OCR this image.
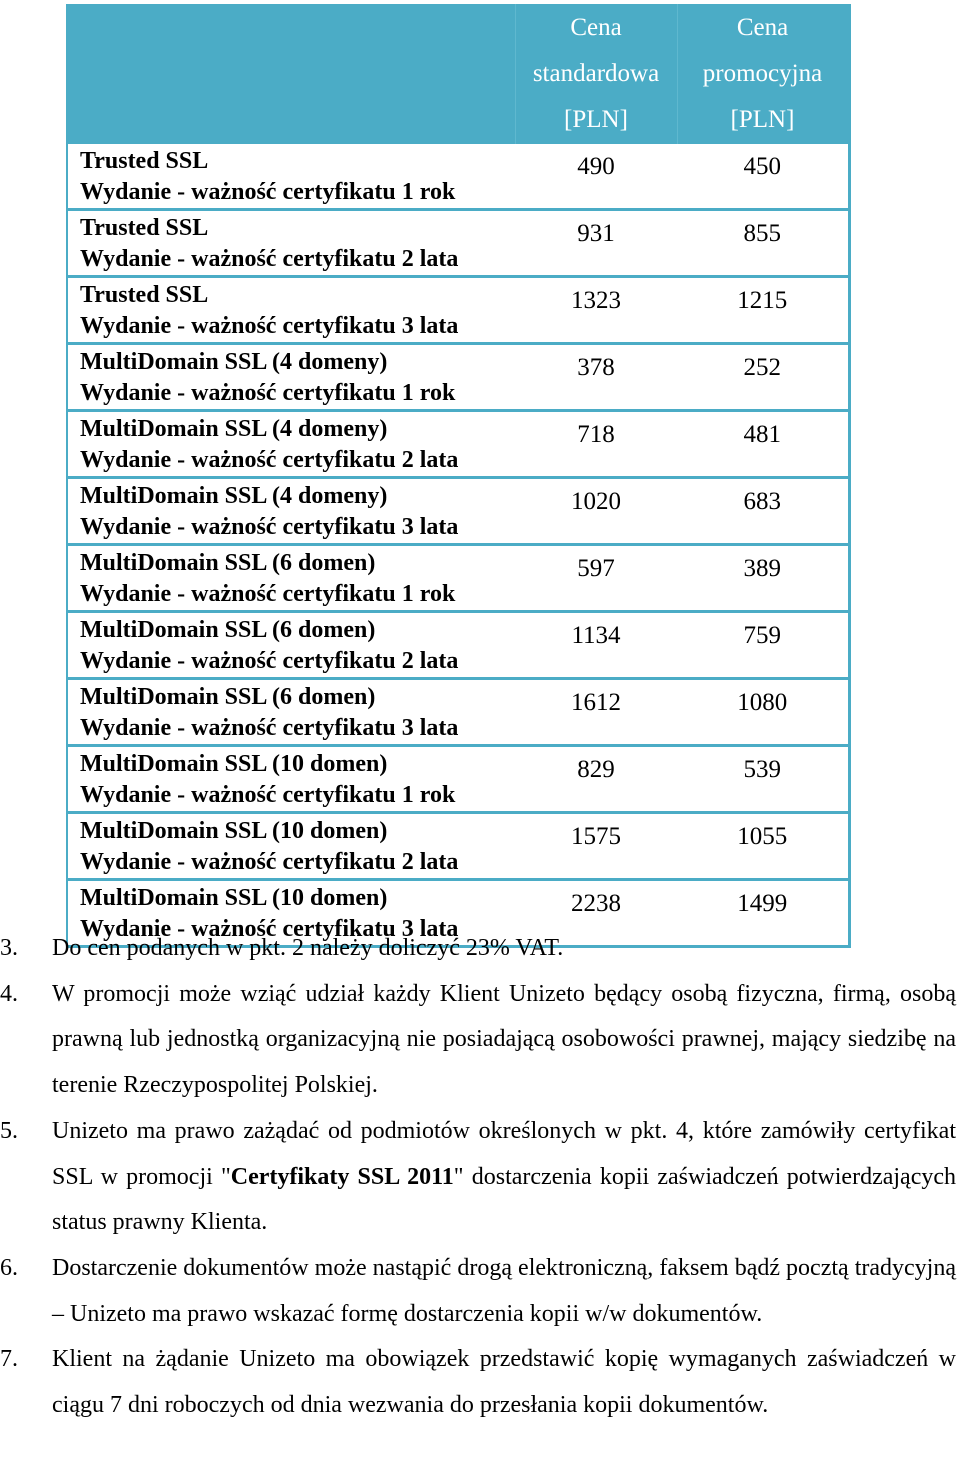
	Cena standardowa [PLN]	Cena promocyjna [PLN]

Trusted SSL
Wydanie - ważność certyfikatu 1 rok	490	450

Trusted SSL
Wydanie - ważność certyfikatu 2 lata	931	855

Trusted SSL
Wydanie - ważność certyfikatu 3 lata	1323	1215

MultiDomain SSL (4 domeny)
Wydanie - ważność certyfikatu 1 rok	378	252

MultiDomain SSL (4 domeny)
Wydanie - ważność certyfikatu 2 lata	718	481

MultiDomain SSL (4 domeny)
Wydanie - ważność certyfikatu 3 lata	1020	683

MultiDomain SSL (6 domen)
Wydanie - ważność certyfikatu 1 rok	597	389

MultiDomain SSL (6 domen)
Wydanie - ważność certyfikatu 2 lata	1134	759

MultiDomain SSL (6 domen)
Wydanie - ważność certyfikatu 3 lata	1612	1080

MultiDomain SSL (10 domen)
Wydanie - ważność certyfikatu 1 rok	829	539

MultiDomain SSL (10 domen)
Wydanie - ważność certyfikatu 2 lata	1575	1055

MultiDomain SSL (10 domen)
Wydanie - ważność certyfikatu 3 lata	2238	1499
3. Do cen podanych w pkt. 2 należy doliczyć 23% VAT.
4. W promocji może wziąć udział każdy Klient Unizeto będący osobą fizyczna, firmą, osobą prawną lub jednostką organizacyjną nie posiadającą osobowości prawnej, mający siedzibę na terenie Rzeczypospolitej Polskiej.
5. Unizeto ma prawo zażądać od podmiotów określonych w pkt. 4, które zamówiły certyfikat SSL w promocji "Certyfikaty SSL 2011" dostarczenia kopii zaświadczeń potwierdzających status prawny Klienta.
6. Dostarczenie dokumentów może nastąpić drogą elektroniczną, faksem bądź pocztą tradycyjną – Unizeto ma prawo wskazać formę dostarczenia kopii w/w dokumentów.
7. Klient na żądanie Unizeto ma obowiązek przedstawić kopię wymaganych zaświadczeń w ciągu 7 dni roboczych od dnia wezwania do przesłania kopii dokumentów.
